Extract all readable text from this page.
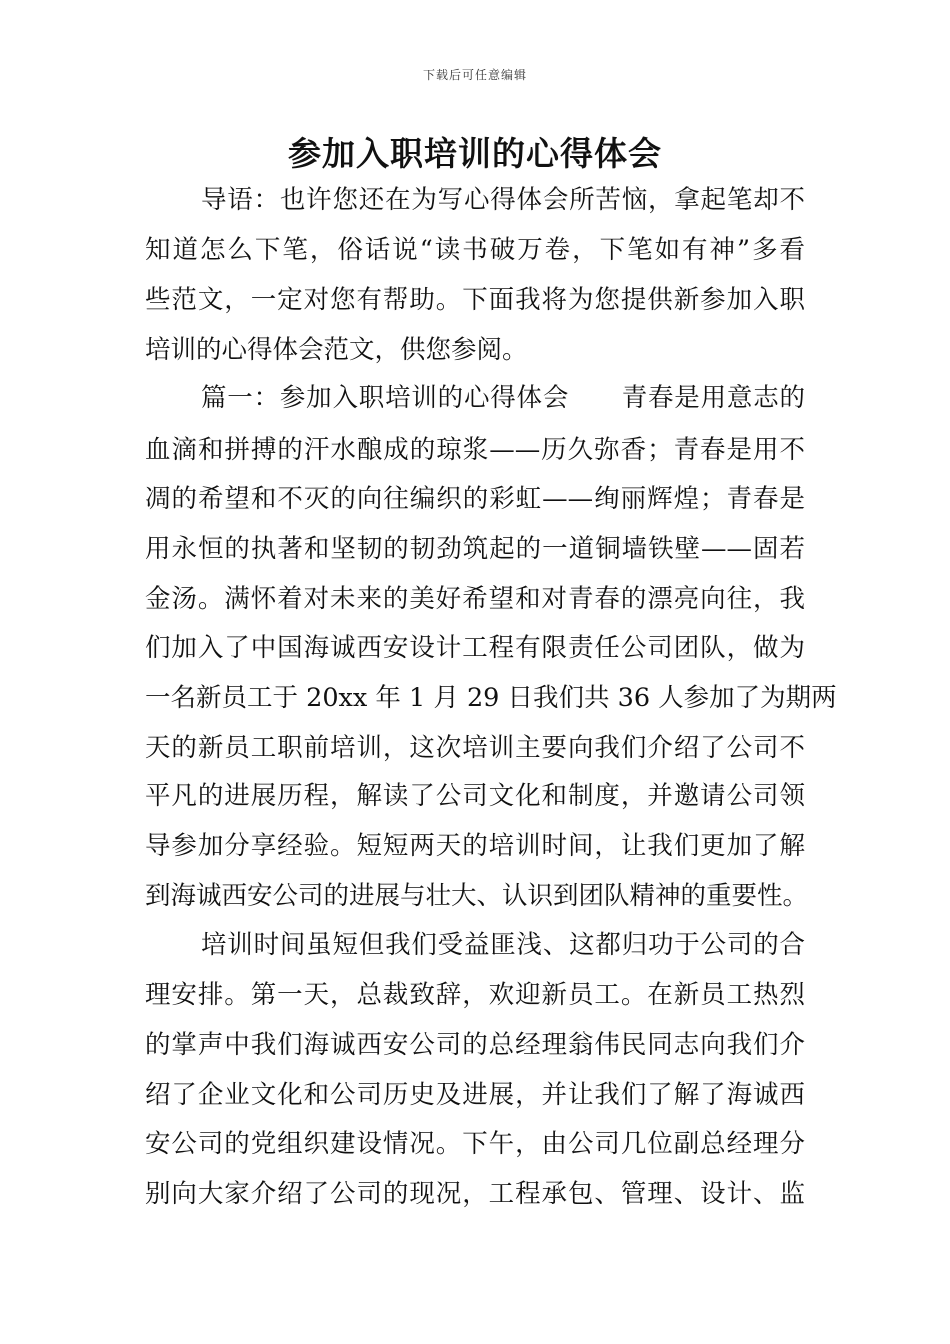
下载后可任意编辑
参加入职培训的心得体会
导语：也许您还在为写心得体会所苦恼，拿起笔却不
知道怎么下笔，俗话说“读书破万卷，下笔如有神”多看
些范文，一定对您有帮助。下面我将为您提供新参加入职
培训的心得体会范文，供您参阅。
篇一：参加入职培训的心得体会　　青春是用意志的
血滴和拼搏的汗水酿成的琼浆——历久弥香；青春是用不
凋的希望和不灭的向往编织的彩虹——绚丽辉煌；青春是
用永恒的执著和坚韧的韧劲筑起的一道铜墙铁壁——固若
金汤。满怀着对未来的美好希望和对青春的漂亮向往，我
们加入了中国海诚西安设计工程有限责任公司团队，做为
一名新员工于 20xx 年 1 月 29 日我们共 36 人参加了为期两
天的新员工职前培训，这次培训主要向我们介绍了公司不
平凡的进展历程，解读了公司文化和制度，并邀请公司领
导参加分享经验。短短两天的培训时间，让我们更加了解
到海诚西安公司的进展与壮大、认识到团队精神的重要性。
培训时间虽短但我们受益匪浅、这都归功于公司的合
理安排。第一天，总裁致辞，欢迎新员工。在新员工热烈
的掌声中我们海诚西安公司的总经理翁伟民同志向我们介
绍了企业文化和公司历史及进展，并让我们了解了海诚西
安公司的党组织建设情况。下午，由公司几位副总经理分
别向大家介绍了公司的现况，工程承包、管理、设计、监
